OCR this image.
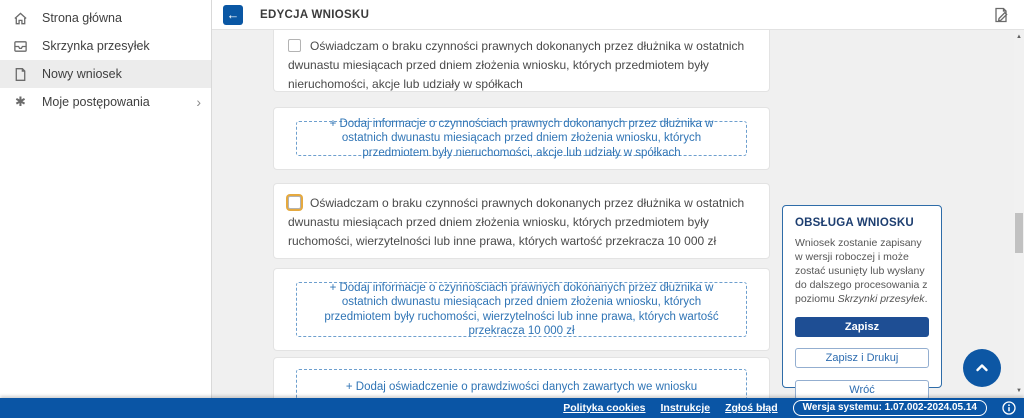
Strona główna
Skrzynka przesyłek
Nowy wniosek
✱ Moje postępowania	›
← EDYCJA WNIOSKU

Oświadczam o braku czynności prawnych dokonanych przez dłużnika w ostatnich dwunastu miesiącach przed dniem złożenia wniosku, których przedmiotem były nieruchomości, akcje lub udziały w spółkach

+ Dodaj informacje o czynnościach prawnych dokonanych przez dłużnika w ostatnich dwunastu miesiącach przed dniem złożenia wniosku, których przedmiotem były nieruchomości, akcje lub udziały w spółkach

Oświadczam o braku czynności prawnych dokonanych przez dłużnika w ostatnich dwunastu miesiącach przed dniem złożenia wniosku, których przedmiotem były ruchomości, wierzytelności lub inne prawa, których wartość przekracza 10 000 zł

+ Dodaj informacje o czynnościach prawnych dokonanych przez dłużnika w ostatnich dwunastu miesiącach przed dniem złożenia wniosku, których przedmiotem były ruchomości, wierzytelności lub inne prawa, których wartość przekracza 10 000 zł
+ Dodaj oświadczenie o prawdziwości danych zawartych we wniosku
OBSŁUGA WNIOSKU

Wniosek zostanie zapisany w wersji roboczej i może zostać usunięty lub wysłany do dalszego procesowania z poziomu Skrzynki przesyłek.

Zapisz
Zapisz i Drukuj
Wróć
▲
▼
Polityka cookies Instrukcje Zgłoś błąd	Wersja systemu: 1.07.002-2024.05.14
